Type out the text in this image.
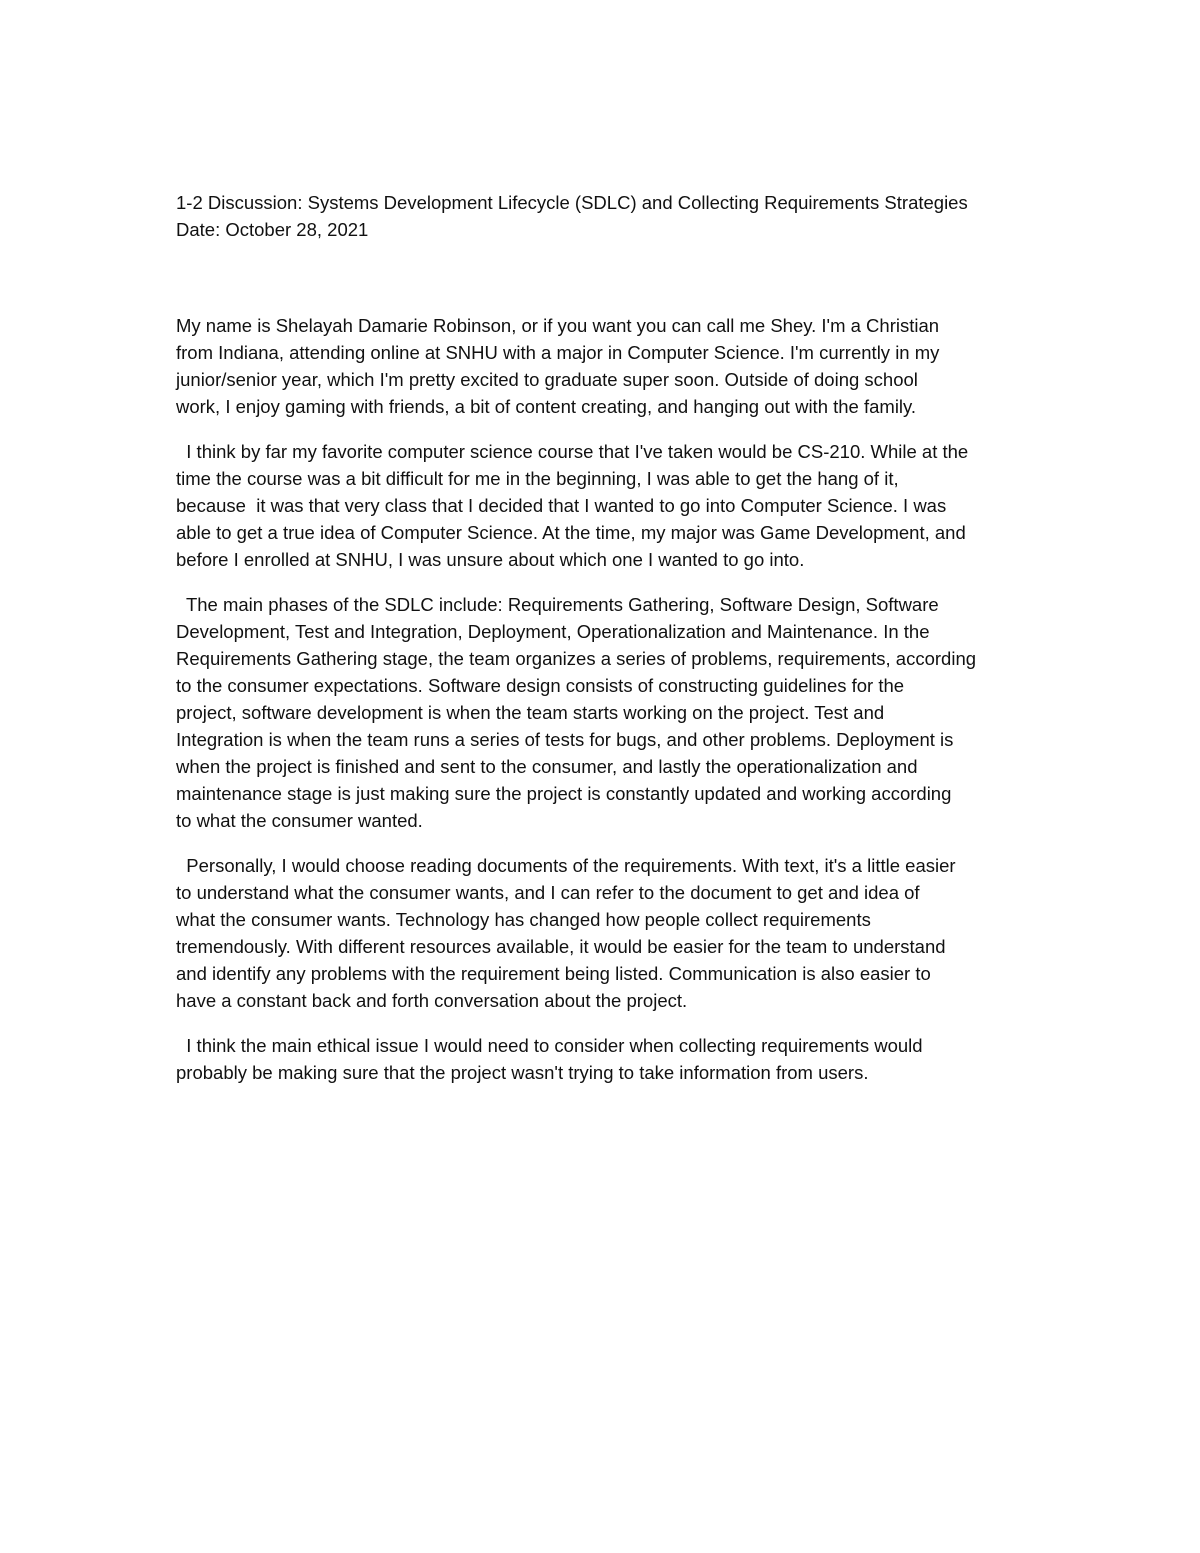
1-2 Discussion: Systems Development Lifecycle (SDLC) and Collecting Requirements Strategies

Date: October 28, 2021

My name is Shelayah Damarie Robinson, or if you want you can call me Shey. I'm a Christian

from Indiana, attending online at SNHU with a major in Computer Science. I'm currently in my

junior/senior year, which I'm pretty excited to graduate super soon. Outside of doing school

work, I enjoy gaming with friends, a bit of content creating, and hanging out with the family.

I think by far my favorite computer science course that I've taken would be CS-210. While at the

time the course was a bit difficult for me in the beginning, I was able to get the hang of it,

because  it was that very class that I decided that I wanted to go into Computer Science. I was

able to get a true idea of Computer Science. At the time, my major was Game Development, and

before I enrolled at SNHU, I was unsure about which one I wanted to go into.

The main phases of the SDLC include: Requirements Gathering, Software Design, Software

Development, Test and Integration, Deployment, Operationalization and Maintenance. In the

Requirements Gathering stage, the team organizes a series of problems, requirements, according

to the consumer expectations. Software design consists of constructing guidelines for the

project, software development is when the team starts working on the project. Test and

Integration is when the team runs a series of tests for bugs, and other problems. Deployment is

when the project is finished and sent to the consumer, and lastly the operationalization and

maintenance stage is just making sure the project is constantly updated and working according

to what the consumer wanted.

Personally, I would choose reading documents of the requirements. With text, it's a little easier

to understand what the consumer wants, and I can refer to the document to get and idea of

what the consumer wants. Technology has changed how people collect requirements

tremendously. With different resources available, it would be easier for the team to understand

and identify any problems with the requirement being listed. Communication is also easier to

have a constant back and forth conversation about the project.

I think the main ethical issue I would need to consider when collecting requirements would

probably be making sure that the project wasn't trying to take information from users.
